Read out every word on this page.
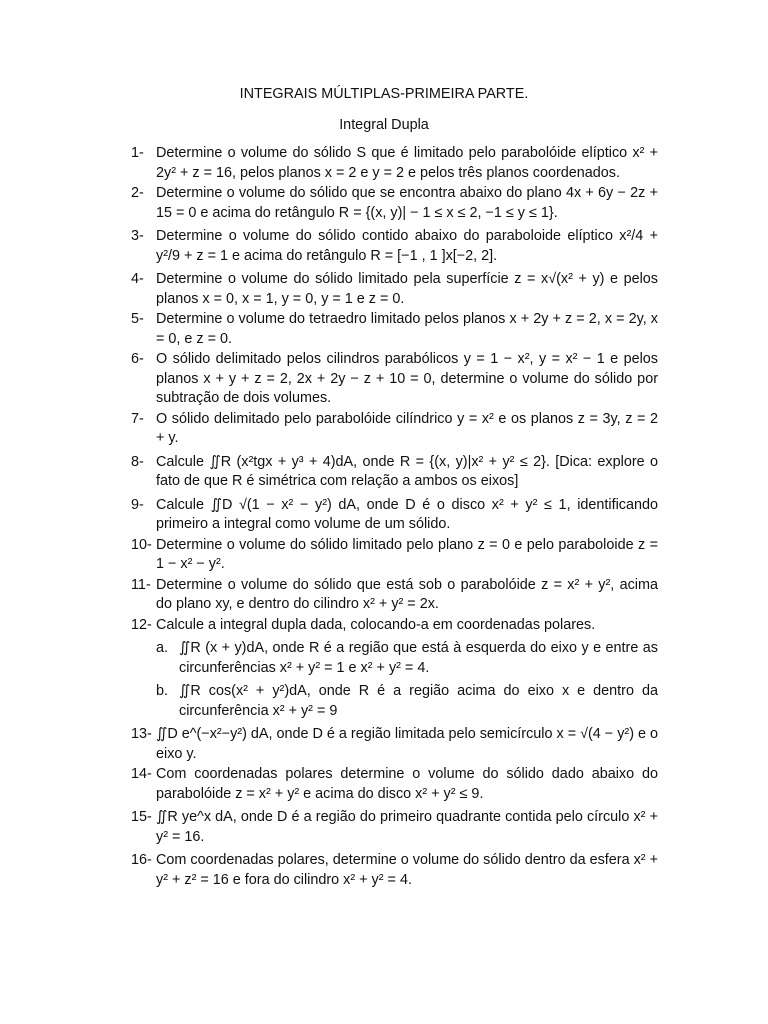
INTEGRAIS MÚLTIPLAS-PRIMEIRA PARTE.
Integral Dupla
1- Determine o volume do sólido S que é limitado pelo parabolóide elíptico x² + 2y² + z = 16, pelos planos x = 2 e y = 2 e pelos três planos coordenados.
2- Determine o volume do sólido que se encontra abaixo do plano 4x + 6y − 2z + 15 = 0 e acima do retângulo R = {(x, y)| − 1 ≤ x ≤ 2, −1 ≤ y ≤ 1}.
3- Determine o volume do sólido contido abaixo do paraboloide elíptico x²/4 + y²/9 + z = 1 e acima do retângulo R = [−1 , 1 ]x[−2, 2].
4- Determine o volume do sólido limitado pela superfície z = x√(x² + y) e pelos planos x = 0, x = 1, y = 0, y = 1 e z = 0.
5- Determine o volume do tetraedro limitado pelos planos x + 2y + z = 2, x = 2y, x = 0, e z = 0.
6- O sólido delimitado pelos cilindros parabólicos y = 1 − x², y = x² − 1 e pelos planos x + y + z = 2, 2x + 2y − z + 10 = 0, determine o volume do sólido por subtração de dois volumes.
7- O sólido delimitado pelo parabolóide cilíndrico y = x² e os planos z = 3y, z = 2 + y.
8- Calcule ∬R (x²tgx + y³ + 4)dA, onde R = {(x, y)|x² + y² ≤ 2}. [Dica: explore o fato de que R é simétrica com relação a ambos os eixos]
9- Calcule ∬D √(1 − x² − y²) dA, onde D é o disco x² + y² ≤ 1, identificando primeiro a integral como volume de um sólido.
10- Determine o volume do sólido limitado pelo plano z = 0 e pelo paraboloide z = 1 − x² − y².
11- Determine o volume do sólido que está sob o parabolóide z = x² + y², acima do plano xy, e dentro do cilindro x² + y² = 2x.
12- Calcule a integral dupla dada, colocando-a em coordenadas polares.
a. ∬R (x + y)dA, onde R é a região que está à esquerda do eixo y e entre as circunferências x² + y² = 1 e x² + y² = 4.
b. ∬R cos(x² + y²)dA, onde R é a região acima do eixo x e dentro da circunferência x² + y² = 9
13- ∬D e^(−x²−y²) dA, onde D é a região limitada pelo semicírculo x = √(4 − y²) e o eixo y.
14- Com coordenadas polares determine o volume do sólido dado abaixo do parabolóide z = x² + y² e acima do disco x² + y² ≤ 9.
15- ∬R ye^x dA, onde D é a região do primeiro quadrante contida pelo círculo x² + y² = 16.
16- Com coordenadas polares, determine o volume do sólido dentro da esfera x² + y² + z² = 16 e fora do cilindro x² + y² = 4.
